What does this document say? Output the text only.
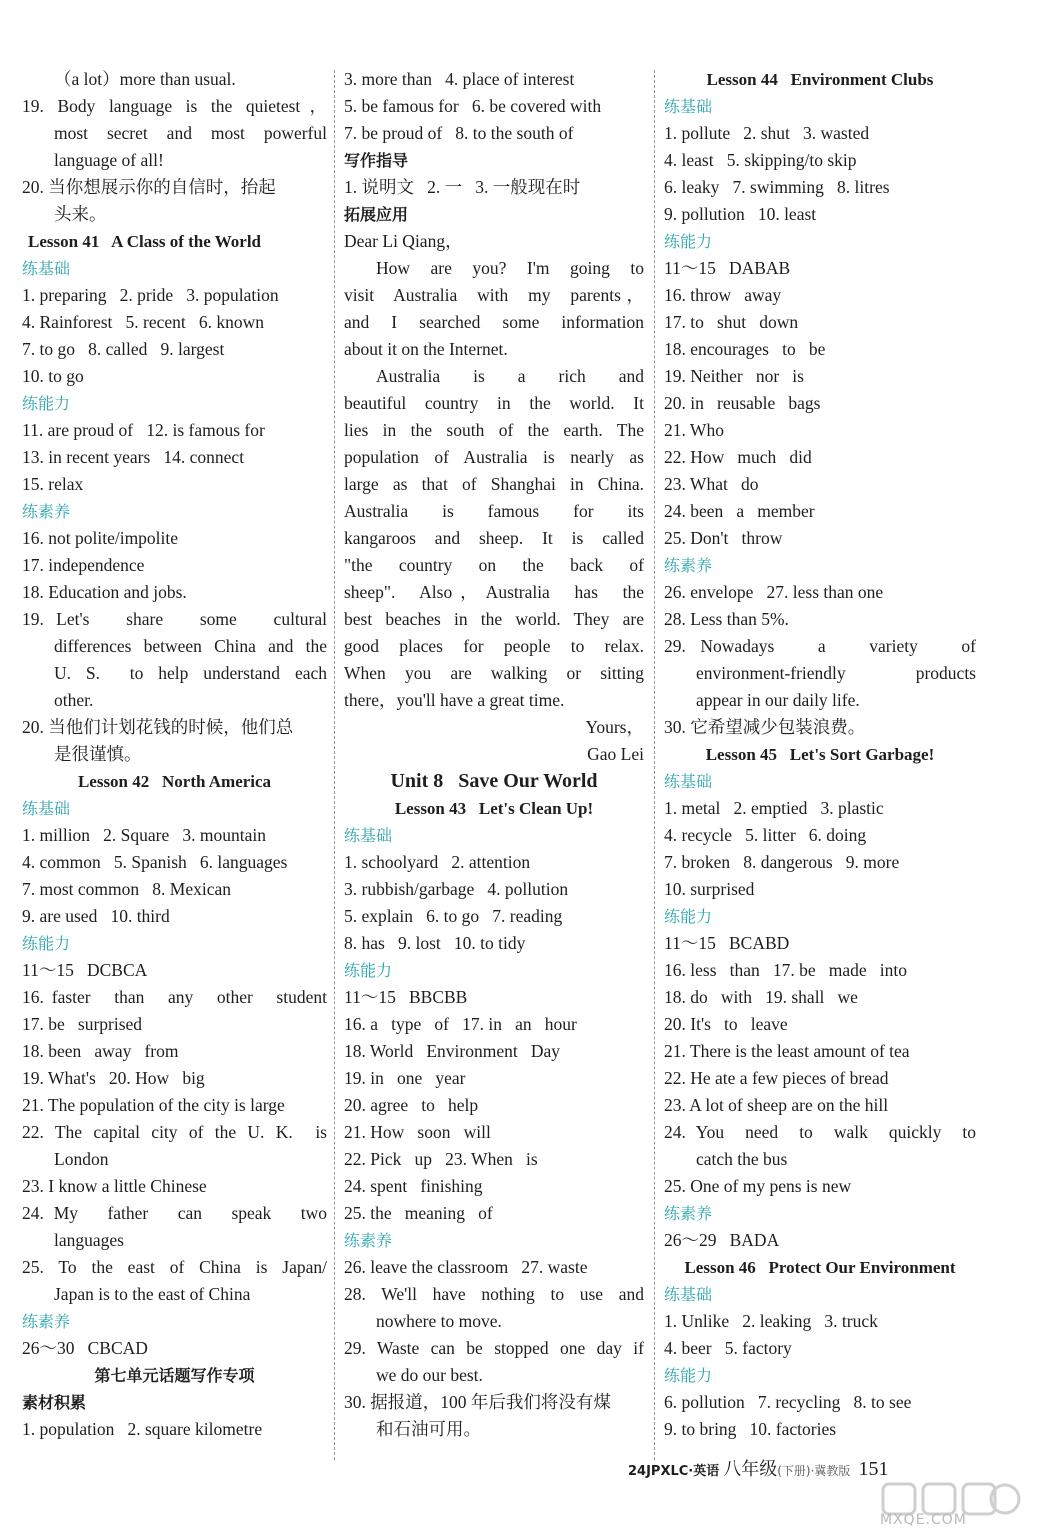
（a lot）more than usual.
19. Body language is the quietest，
most secret and most powerful
language of all!
20. 当你想展示你的自信时，抬起
头来。
Lesson 41   A Class of the World
练基础
1. preparing   2. pride   3. population
4. Rainforest   5. recent   6. known
7. to go   8. called   9. largest
10. to go
练能力
11. are proud of   12. is famous for
13. in recent years   14. connect
15. relax
练素养
16. not polite/impolite
17. independence
18. Education and jobs.
19. Let's   share   some   cultural
differences between China and the
U. S.  to help understand each
other.
20. 当他们计划花钱的时候，他们总
是很谨慎。
Lesson 42   North America
练基础
1. million   2. Square   3. mountain
4. common   5. Spanish   6. languages
7. most common   8. Mexican
9. are used   10. third
练能力
11～15   DCBCA
16. faster   than   any   other   student
17. be   surprised
18. been   away   from
19. What's   20. How   big
21. The population of the city is large
22. The capital city of the U. K.  is
London
23. I know a little Chinese
24. My   father   can   speak   two
languages
25. To the east of China is Japan/
Japan is to the east of China
练素养
26～30   CBCAD
第七单元话题写作专项
素材积累
1. population   2. square kilometre
3. more than   4. place of interest
5. be famous for   6. be covered with
7. be proud of   8. to the south of
写作指导
1. 说明文   2. 一   3. 一般现在时
拓展应用
Dear Li Qiang，
How  are  you?  I'm  going  to
visit  Australia  with  my  parents，
and  I  searched  some  information
about it on the Internet.
Australia   is   a   rich   and
beautiful country in the world. It
lies in the south of the earth. The
population of Australia is nearly as
large as that of Shanghai in China.
Australia   is   famous   for   its
kangaroos  and  sheep.  It  is  called
"the   country   on   the   back   of
sheep".  Also，Australia  has  the
best beaches in the world. They are
good places for people to relax.
When  you  are  walking  or  sitting
there，you'll have a great time.
Yours，
Gao Lei
Unit 8   Save Our World
Lesson 43   Let's Clean Up!
练基础
1. schoolyard   2. attention
3. rubbish/garbage   4. pollution
5. explain   6. to go   7. reading
8. has   9. lost   10. to tidy
练能力
11～15   BBCBB
16. a   type   of   17. in   an   hour
18. World   Environment   Day
19. in   one   year
20. agree   to   help
21. How   soon   will
22. Pick   up   23. When   is
24. spent   finishing
25. the   meaning   of
练素养
26. leave the classroom   27. waste
28. We'll have nothing to use and
nowhere to move.
29. Waste can be stopped one day if
we do our best.
30. 据报道，100 年后我们将没有煤
和石油可用。
Lesson 44   Environment Clubs
练基础
1. pollute   2. shut   3. wasted
4. least   5. skipping/to skip
6. leaky   7. swimming   8. litres
9. pollution   10. least
练能力
11～15   DABAB
16. throw   away
17. to   shut   down
18. encourages   to   be
19. Neither   nor   is
20. in   reusable   bags
21. Who
22. How   much   did
23. What   do
24. been   a   member
25. Don't   throw
练素养
26. envelope   27. less than one
28. Less than 5%.
29. Nowadays   a   variety   of
environment-friendly   products
appear in our daily life.
30. 它希望减少包装浪费。
Lesson 45   Let's Sort Garbage!
练基础
1. metal   2. emptied   3. plastic
4. recycle   5. litter   6. doing
7. broken   8. dangerous   9. more
10. surprised
练能力
11～15   BCABD
16. less   than   17. be   made   into
18. do   with   19. shall   we
20. It's   to   leave
21. There is the least amount of tea
22. He ate a few pieces of bread
23. A lot of sheep are on the hill
24. You  need  to  walk  quickly  to
catch the bus
25. One of my pens is new
练素养
26～29   BADA
Lesson 46   Protect Our Environment
练基础
1. Unlike   2. leaking   3. truck
4. beer   5. factory
练能力
6. pollution   7. recycling   8. to see
9. to bring   10. factories
24JPXLC·英语 八年级(下册)·冀教版 151
MXQE.COM
